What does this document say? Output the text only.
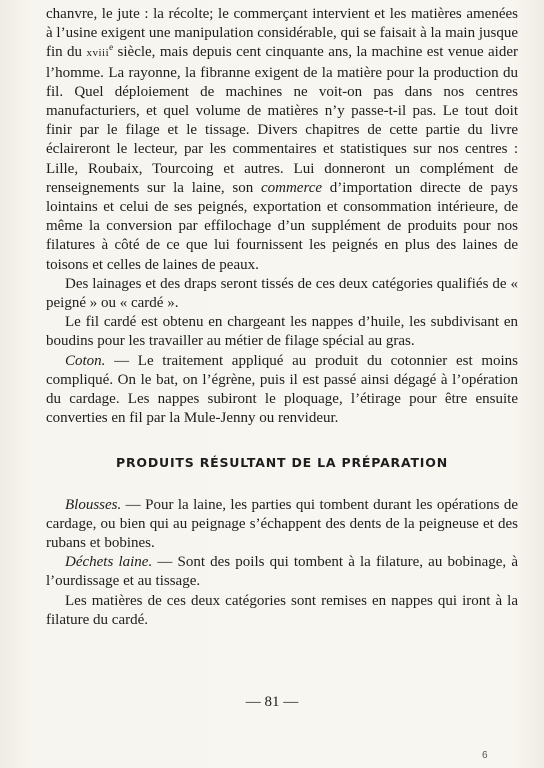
chanvre, le jute : la récolte; le commerçant intervient et les matières amenées à l’usine exigent une manipulation considérable, qui se faisait à la main jusque fin du xviii$^e$ siècle, mais depuis cent cinquante ans, la machine est venue aider l’homme. La rayonne, la fibranne exigent de la matière pour la production du fil. Quel déploiement de machines ne voit-on pas dans nos centres manufacturiers, et quel volume de matières n’y passe-t-il pas. Le tout doit finir par le filage et le tissage. Divers chapitres de cette partie du livre éclaireront le lecteur, par les commentaires et statistiques sur nos centres : Lille, Roubaix, Tourcoing et autres. Lui donneront un complément de renseignements sur la laine, son commerce d’importation directe de pays lointains et celui de ses peignés, exportation et consommation intérieure, de même la conversion par effilochage d’un supplément de produits pour nos filatures à côté de ce que lui fournissent les peignés en plus des laines de toisons et celles de laines de peaux.

Des lainages et des draps seront tissés de ces deux catégories qualifiés de « peigné » ou « cardé ».

Le fil cardé est obtenu en chargeant les nappes d’huile, les subdivisant en boudins pour les travailler au métier de filage spécial au gras.

Coton. — Le traitement appliqué au produit du cotonnier est moins compliqué. On le bat, on l’égrène, puis il est passé ainsi dégagé à l’opération du cardage. Les nappes subiront le ploquage, l’étirage pour être ensuite converties en fil par la Mule-Jenny ou renvideur.

PRODUITS RÉSULTANT DE LA PRÉPARATION

Blousses. — Pour la laine, les parties qui tombent durant les opérations de cardage, ou bien qui au peignage s’échappent des dents de la peigneuse et des rubans et bobines.

Déchets laine. — Sont des poils qui tombent à la filature, au bobinage, à l’ourdissage et au tissage.

Les matières de ces deux catégories sont remises en nappes qui iront à la filature du cardé.

— 81 —
6
